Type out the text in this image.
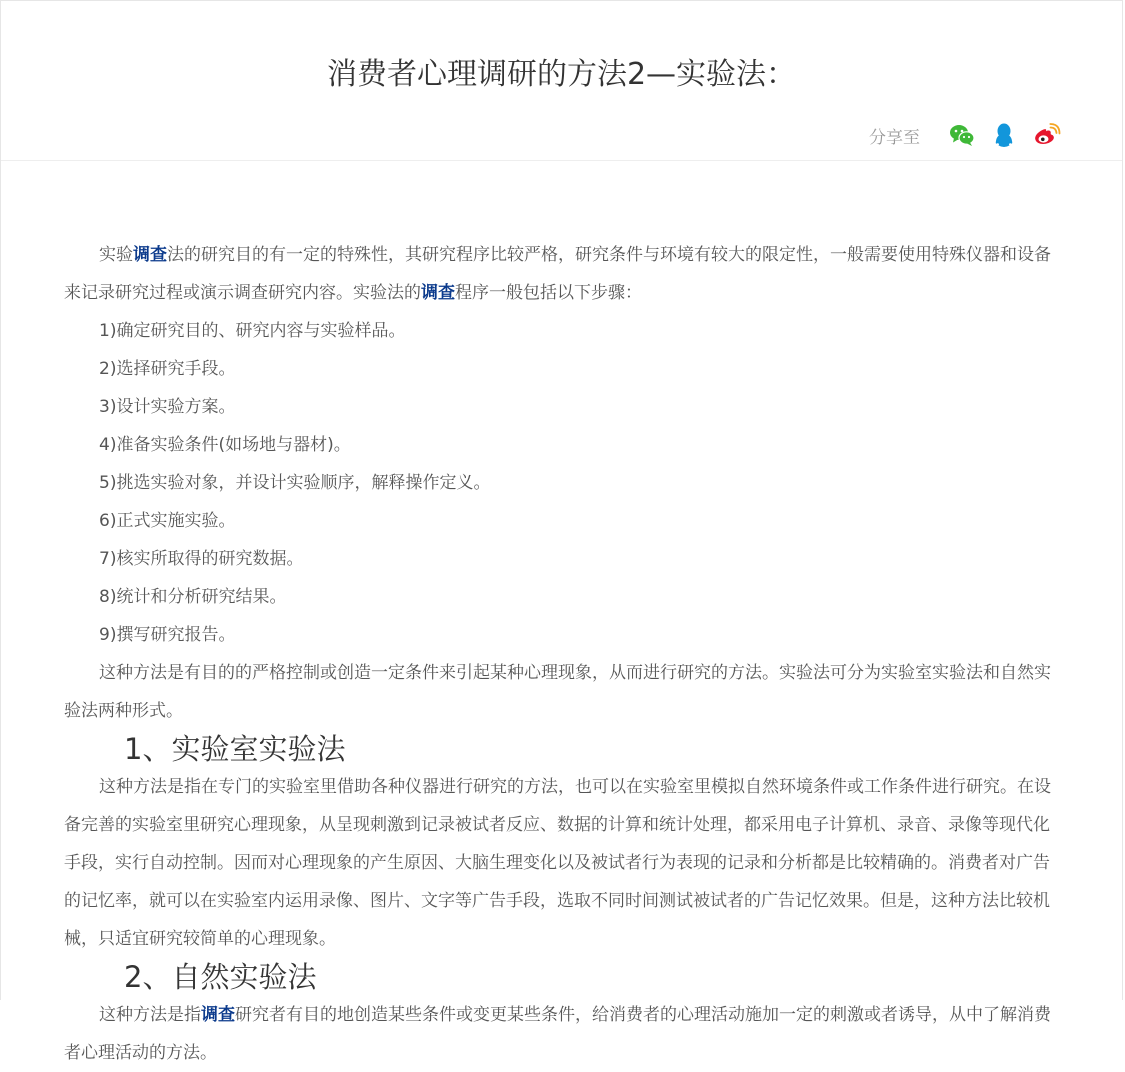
消费者心理调研的方法2—实验法：
分享至

实验调查法的研究目的有一定的特殊性，其研究程序比较严格，研究条件与环境有较大的限定性，一般需要使用特殊仪器和设备来记录研究过程或演示调查研究内容。实验法的调查程序一般包括以下步骤：

1)确定研究目的、研究内容与实验样品。

2)选择研究手段。

3)设计实验方案。

4)准备实验条件(如场地与器材)。

5)挑选实验对象，并设计实验顺序，解释操作定义。

6)正式实施实验。

7)核实所取得的研究数据。

8)统计和分析研究结果。

9)撰写研究报告。

这种方法是有目的的严格控制或创造一定条件来引起某种心理现象，从而进行研究的方法。实验法可分为实验室实验法和自然实验法两种形式。

1、实验室实验法

这种方法是指在专门的实验室里借助各种仪器进行研究的方法，也可以在实验室里模拟自然环境条件或工作条件进行研究。在设备完善的实验室里研究心理现象，从呈现刺激到记录被试者反应、数据的计算和统计处理，都采用电子计算机、录音、录像等现代化手段，实行自动控制。因而对心理现象的产生原因、大脑生理变化以及被试者行为表现的记录和分析都是比较精确的。消费者对广告的记忆率，就可以在实验室内运用录像、图片、文字等广告手段，选取不同时间测试被试者的广告记忆效果。但是，这种方法比较机械，只适宜研究较简单的心理现象。

2、自然实验法

这种方法是指调查研究者有目的地创造某些条件或变更某些条件，给消费者的心理活动施加一定的刺激或者诱导，从中了解消费者心理活动的方法。
